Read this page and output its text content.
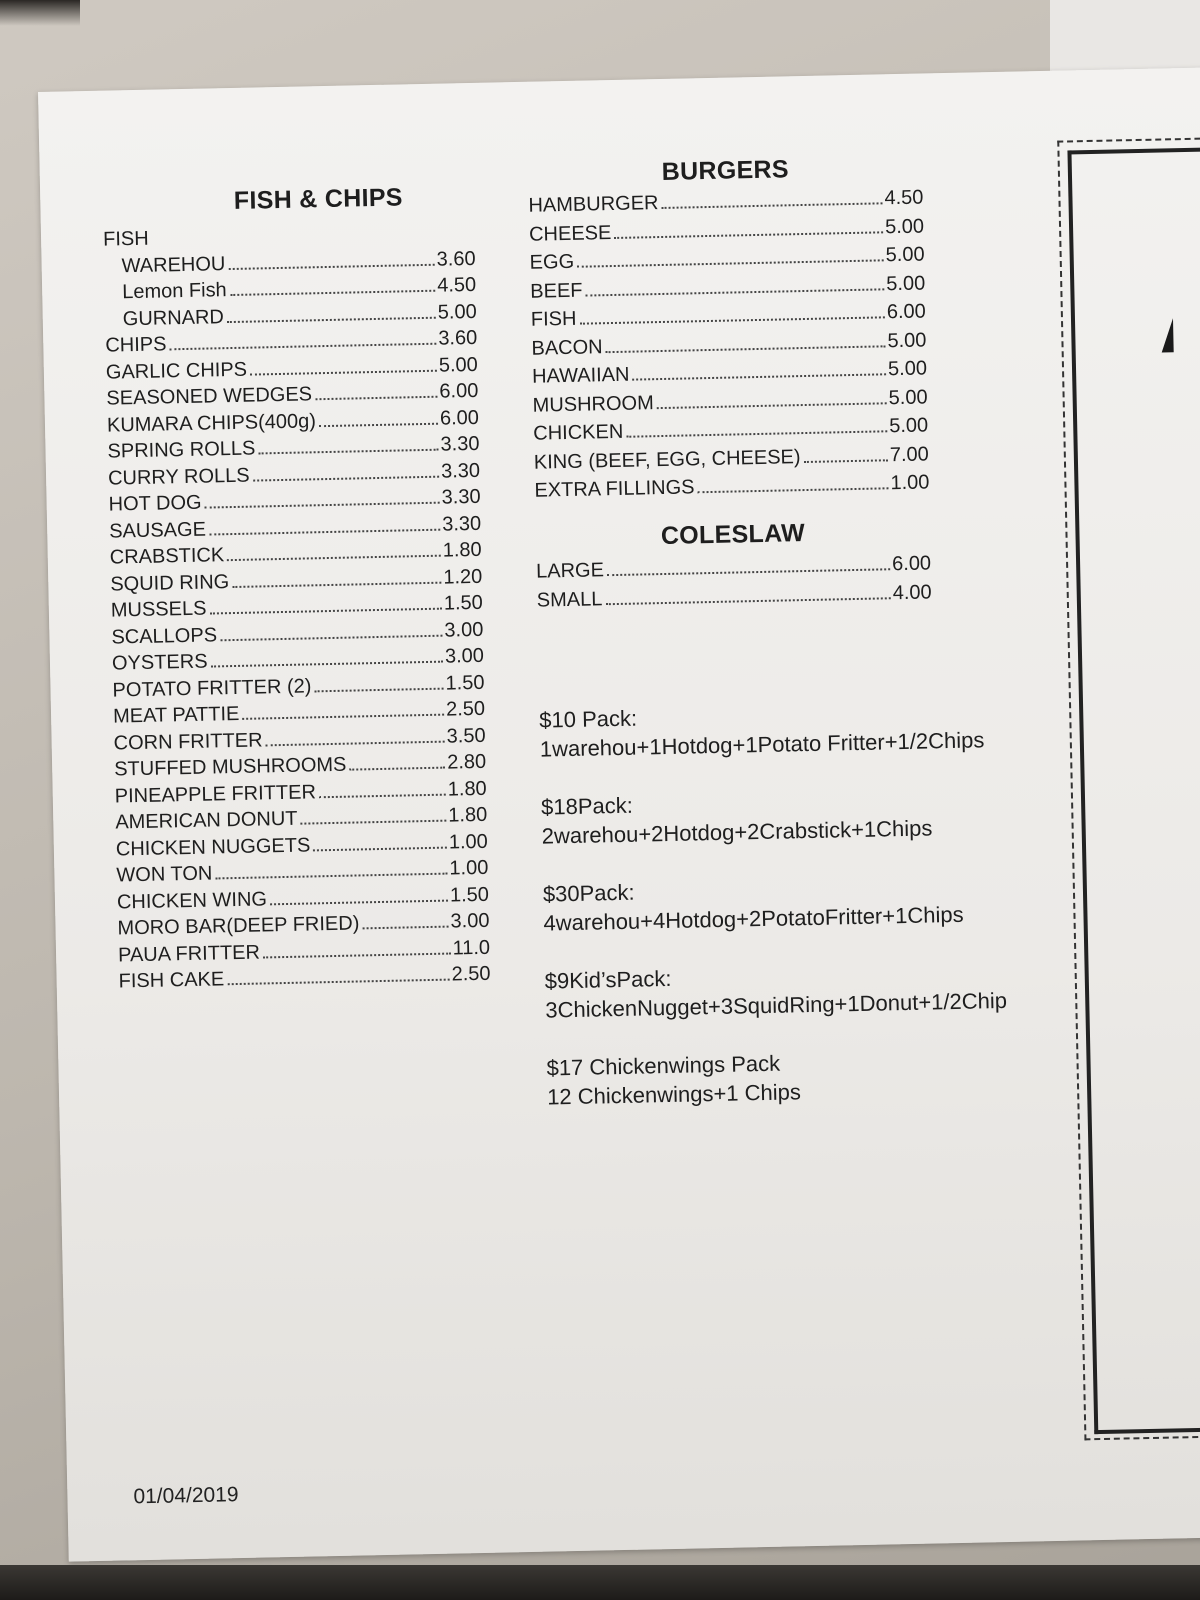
FISH & CHIPS
FISH
WAREHOU	3.60
Lemon Fish	4.50
GURNARD	5.00
CHIPS	3.60
GARLIC CHIPS	5.00
SEASONED WEDGES	6.00
KUMARA CHIPS(400g)	6.00
SPRING ROLLS	3.30
CURRY ROLLS	3.30
HOT DOG	3.30
SAUSAGE	3.30
CRABSTICK	1.80
SQUID RING	1.20
MUSSELS	1.50
SCALLOPS	3.00
OYSTERS	3.00
POTATO FRITTER (2)	1.50
MEAT PATTIE	2.50
CORN FRITTER	3.50
STUFFED MUSHROOMS	2.80
PINEAPPLE FRITTER	1.80
AMERICAN DONUT	1.80
CHICKEN NUGGETS	1.00
WON TON	1.00
CHICKEN WING	1.50
MORO BAR(DEEP FRIED)	3.00
PAUA FRITTER	11.0
FISH CAKE	2.50
BURGERS
HAMBURGER	4.50
CHEESE	5.00
EGG	5.00
BEEF	5.00
FISH	6.00
BACON	5.00
HAWAIIAN	5.00
MUSHROOM	5.00
CHICKEN	5.00
KING (BEEF, EGG, CHEESE)	7.00
EXTRA FILLINGS	1.00
COLESLAW
LARGE	6.00
SMALL	4.00
$10 Pack:
1warehou+1Hotdog+1Potato Fritter+1/2Chips
$18Pack:
2warehou+2Hotdog+2Crabstick+1Chips
$30Pack:
4warehou+4Hotdog+2PotatoFritter+1Chips
$9Kid’sPack:
3ChickenNugget+3SquidRing+1Donut+1/2Chip
$17 Chickenwings Pack
12 Chickenwings+1 Chips
01/04/2019
